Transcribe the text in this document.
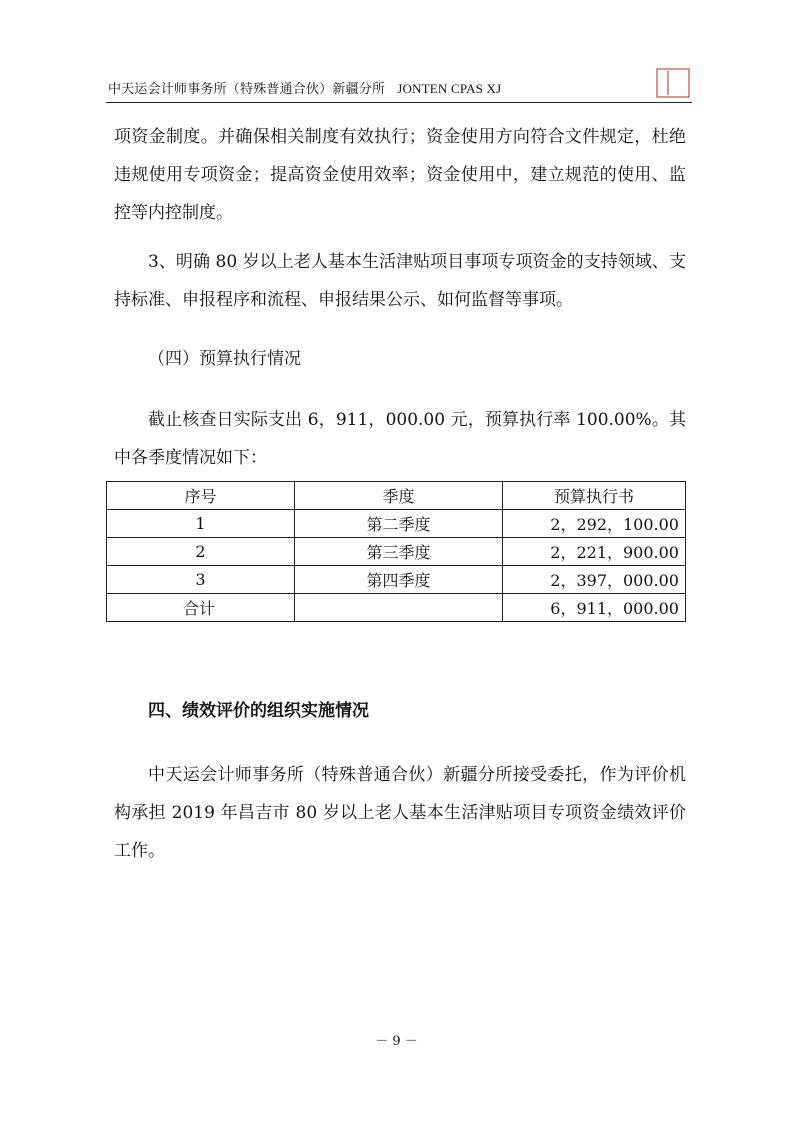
中天运会计师事务所（特殊普通合伙）新疆分所 JONTEN CPAS XJ
项资金制度。并确保相关制度有效执行；资金使用方向符合文件规定，杜绝违规使用专项资金；提高资金使用效率；资金使用中，建立规范的使用、监控等内控制度。
3、明确 80 岁以上老人基本生活津贴项目事项专项资金的支持领域、支持标准、申报程序和流程、申报结果公示、如何监督等事项。
（四）预算执行情况
截止核查日实际支出 6，911，000.00 元，预算执行率 100.00%。其中各季度情况如下：
序号	季度	预算执行书
1	第二季度	2，292，100.00
2	第三季度	2，221，900.00
3	第四季度	2，397，000.00
合计		6，911，000.00
四、绩效评价的组织实施情况
中天运会计师事务所（特殊普通合伙）新疆分所接受委托，作为评价机构承担 2019 年昌吉市 80 岁以上老人基本生活津贴项目专项资金绩效评价工作。
－ 9 －
